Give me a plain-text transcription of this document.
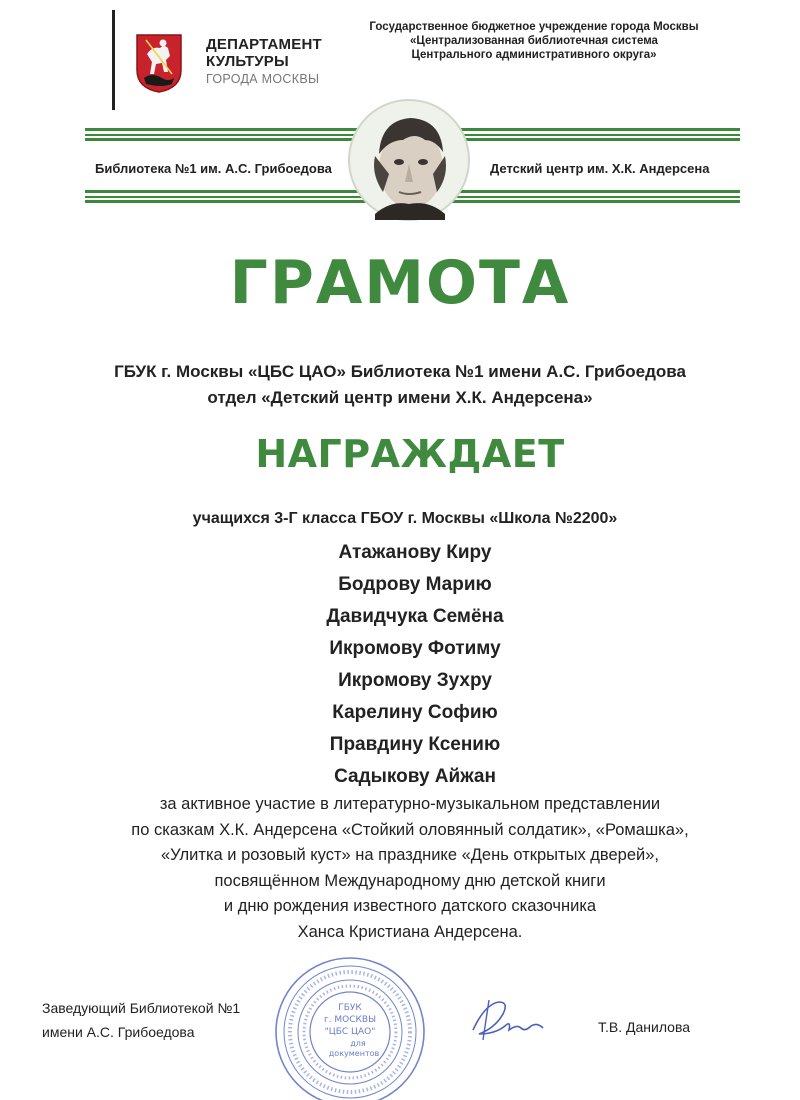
ДЕПАРТАМЕНТ
КУЛЬТУРЫ
ГОРОДА МОСКВЫ
Государственное бюджетное учреждение города Москвы
«Централизованная библиотечная система
Центрального административного округа»
Библиотека №1 им. А.С. Грибоедова	Детский центр им. Х.К. Андерсена
ГРАМОТА
ГБУК г. Москвы «ЦБС ЦАО» Библиотека №1 имени А.С. Грибоедова
отдел «Детский центр имени Х.К. Андерсена»
НАГРАЖДАЕТ
учащихся 3-Г класса ГБОУ г. Москвы «Школа №2200»
Атажанову Киру
Бодрову Марию
Давидчука Семёна
Икромову Фотиму
Икромову Зухру
Карелину Софию
Правдину Ксению
Садыкову Айжан
за активное участие в литературно-музыкальном представлении
по сказкам Х.К. Андерсена «Стойкий оловянный солдатик», «Ромашка»,
«Улитка и розовый куст» на празднике «День открытых дверей»,
посвящённом Международному дню детской книги
и дню рождения известного датского сказочника
Ханса Кристиана Андерсена.
Заведующий Библиотекой №1
имени А.С. Грибоедова
ГБУК
г. МОСКВЫ
"ЦБС ЦАО"
для
документов
Т.В. Данилова
